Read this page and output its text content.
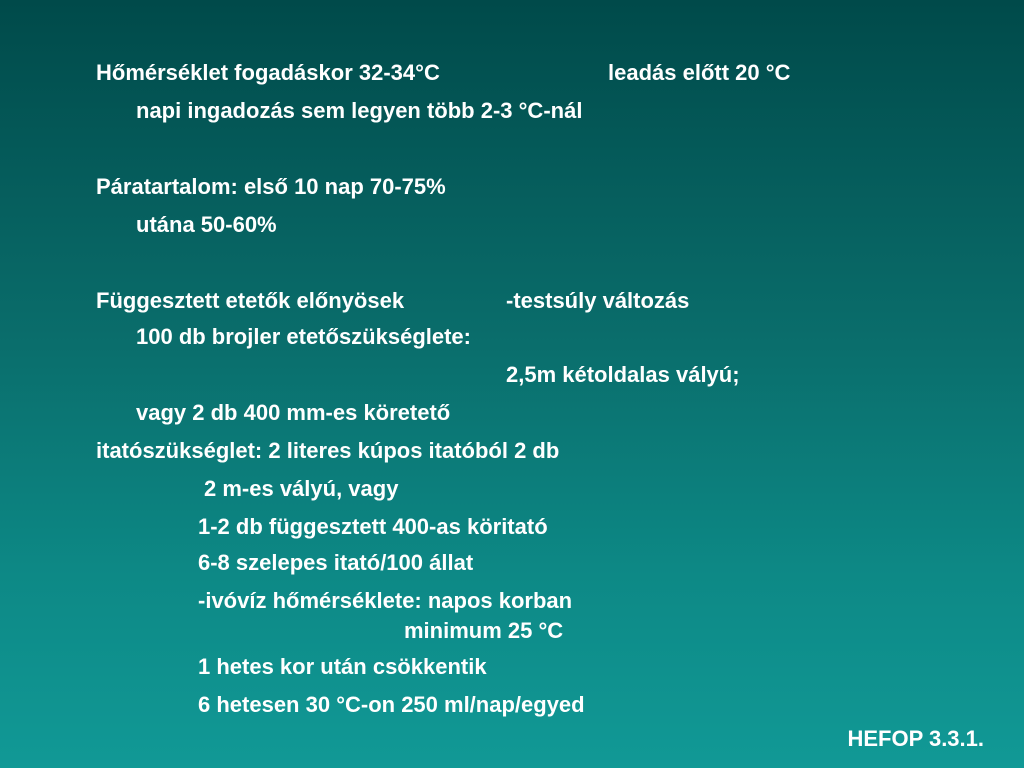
Hőmérséklet fogadáskor 32-34°C	leadás előtt 20 °C
napi ingadozás sem legyen több 2-3 °C-nál
Páratartalom: első 10 nap 70-75%
utána 50-60%
Függesztett etetők előnyösek	-testsúly változás
100 db brojler etetőszükséglete:
2,5m kétoldalas vályú;
vagy 2 db 400 mm-es köretető
itatószükséglet: 2 literes kúpos itatóból 2 db
2 m-es vályú, vagy
1-2 db függesztett 400-as köritató
6-8 szelepes itató/100 állat
-ivóvíz hőmérséklete: napos korban
minimum 25 °C
1 hetes kor után csökkentik
6 hetesen 30 °C-on 250 ml/nap/egyed
HEFOP 3.3.1.
